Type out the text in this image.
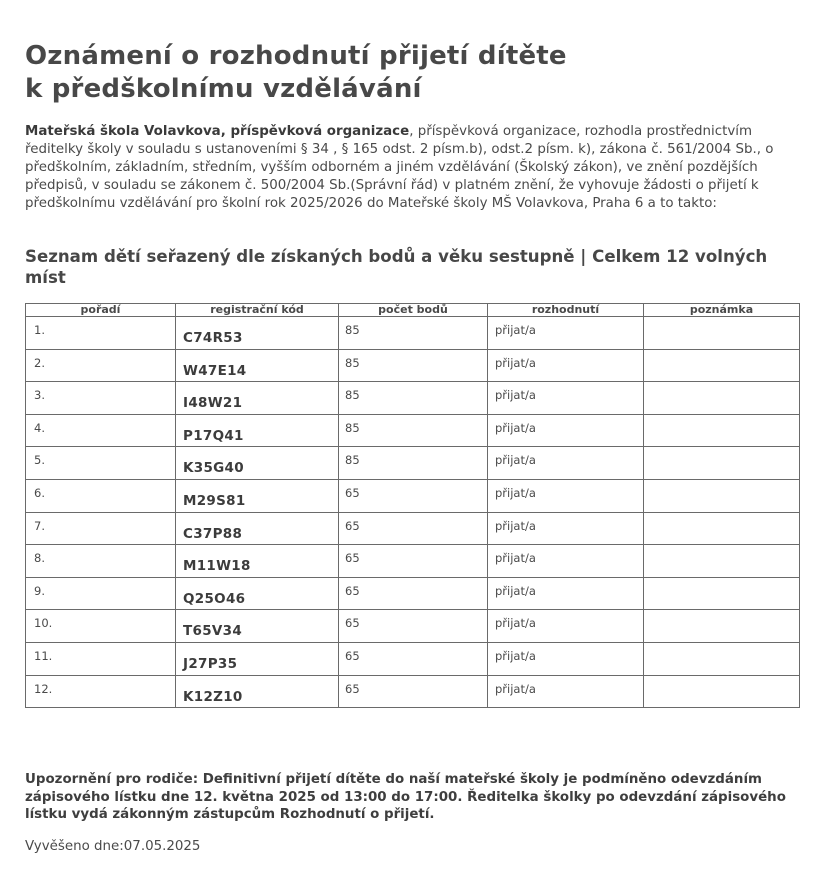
Oznámení o rozhodnutí přijetí dítěte
k předškolnímu vzdělávání

Mateřská škola Volavkova, příspěvková organizace, příspěvková organizace, rozhodla prostřednictvím ředitelky školy v souladu s ustanoveními § 34 , § 165 odst. 2 písm.b), odst.2 písm. k), zákona č. 561/2004 Sb., o předškolním, základním, středním, vyšším odborném a jiném vzdělávání (Školský zákon), ve znění pozdějších předpisů, v souladu se zákonem č. 500/2004 Sb.(Správní řád) v platném znění, že vyhovuje žádosti o přijetí k předškolnímu vzdělávání pro školní rok 2025/2026 do Mateřské školy MŠ Volavkova, Praha 6 a to takto:

Seznam dětí seřazený dle získaných bodů a věku sestupně | Celkem 12 volných míst
pořadí	registrační kód	počet bodů	rozhodnutí	poznámka

1.	C74R53	85	přijat/a	

2.	W47E14	85	přijat/a	

3.	I48W21	85	přijat/a	

4.	P17Q41	85	přijat/a	

5.	K35G40	85	přijat/a	

6.	M29S81	65	přijat/a	

7.	C37P88	65	přijat/a	

8.	M11W18	65	přijat/a	

9.	Q25O46	65	přijat/a	

10.	T65V34	65	přijat/a	

11.	J27P35	65	přijat/a	

12.	K12Z10	65	přijat/a	

Upozornění pro rodiče: Definitivní přijetí dítěte do naší mateřské školy je podmíněno odevzdáním zápisového lístku dne 12. května 2025 od 13:00 do 17:00. Ředitelka školky po odevzdání zápisového lístku vydá zákonným zástupcům Rozhodnutí o přijetí.

Vyvěšeno dne:07.05.2025
